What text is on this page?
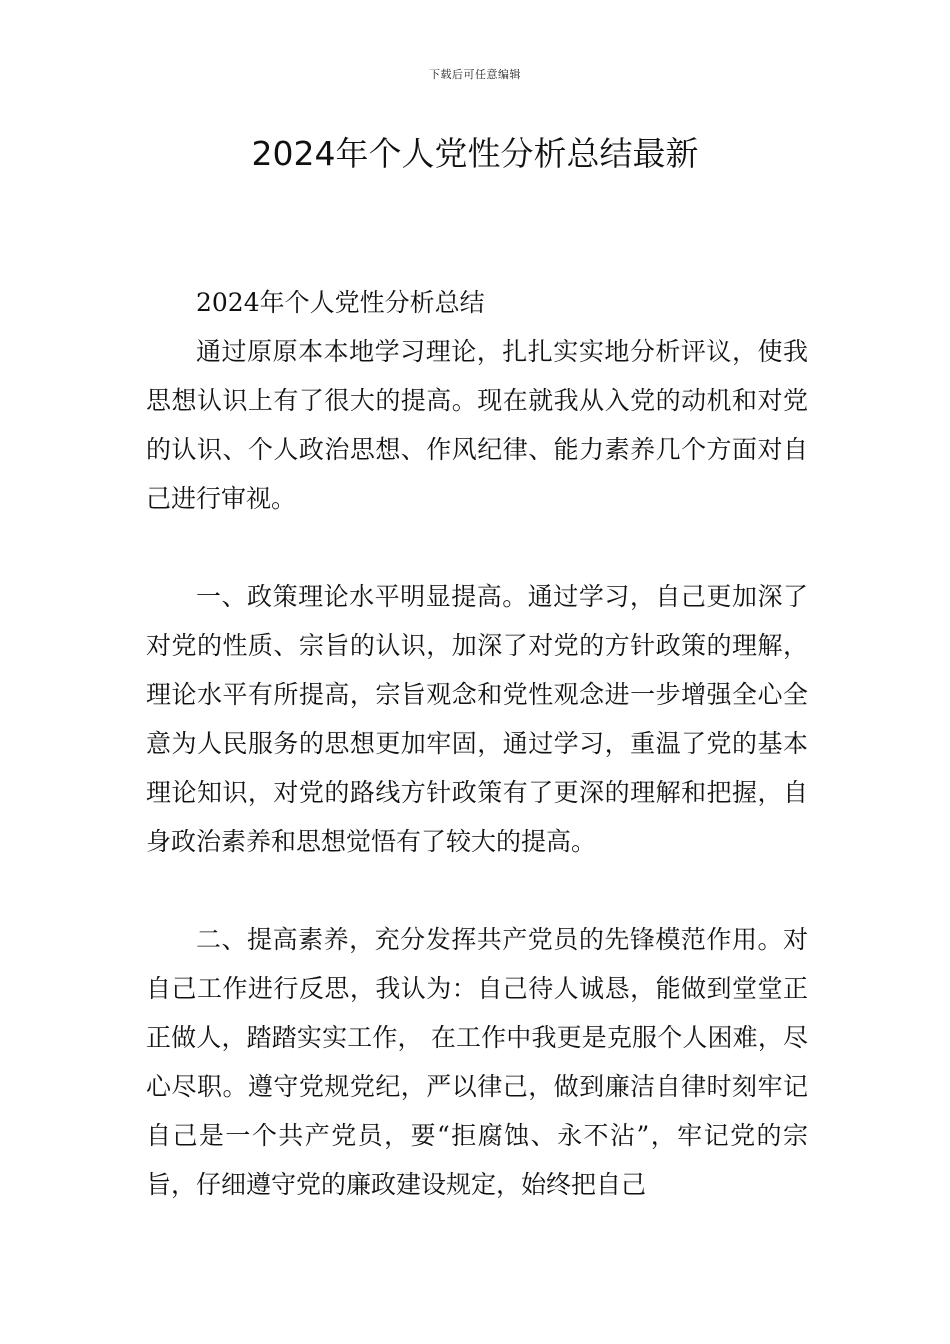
下载后可任意编辑
2024年个人党性分析总结最新

2024年个人党性分析总结

通过原原本本地学习理论，扎扎实实地分析评议，使我思想认识上有了很大的提高。现在就我从入党的动机和对党的认识、个人政治思想、作风纪律、能力素养几个方面对自己进行审视。

一、政策理论水平明显提高。通过学习，自己更加深了对党的性质、宗旨的认识，加深了对党的方针政策的理解，理论水平有所提高，宗旨观念和党性观念进一步增强全心全意为人民服务的思想更加牢固，通过学习，重温了党的基本理论知识，对党的路线方针政策有了更深的理解和把握，自身政治素养和思想觉悟有了较大的提高。

二、提高素养，充分发挥共产党员的先锋模范作用。对自己工作进行反思，我认为：自己待人诚恳，能做到堂堂正正做人，踏踏实实工作， 在工作中我更是克服个人困难，尽心尽职。遵守党规党纪，严以律己，做到廉洁自律时刻牢记自己是一个共产党员，要“拒腐蚀、永不沾”，牢记党的宗旨，仔细遵守党的廉政建设规定，始终把自己
